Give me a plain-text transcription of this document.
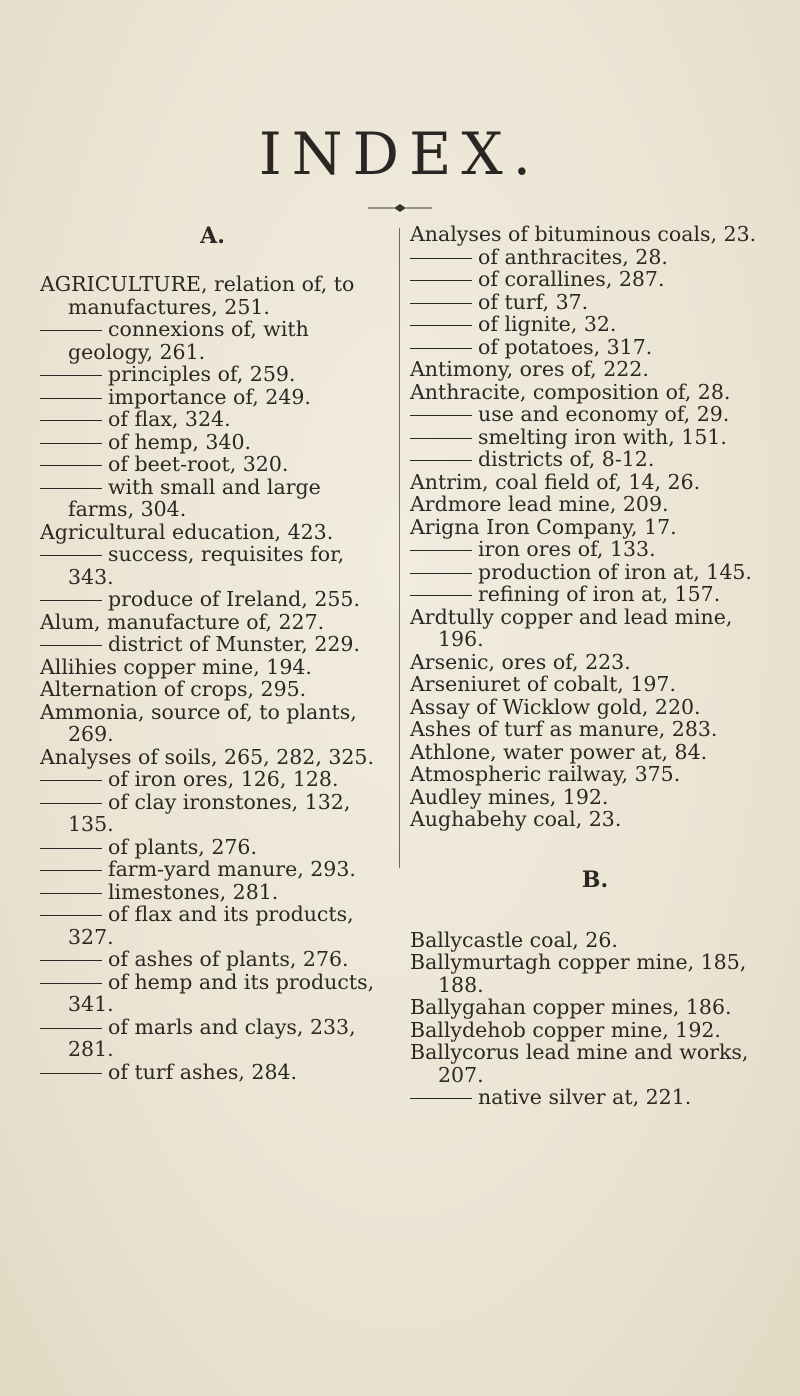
INDEX.
A.

AGRICULTURE, relation of, to manufactures, 251.

connexions of, with geology, 261.

principles of, 259.

importance of, 249.

of flax, 324.

of hemp, 340.

of beet-root, 320.

with small and large farms, 304.

Agricultural education, 423.

success, requisites for, 343.

produce of Ireland, 255.

Alum, manufacture of, 227.

district of Munster, 229.

Allihies copper mine, 194.

Alternation of crops, 295.

Ammonia, source of, to plants, 269.

Analyses of soils, 265, 282, 325.

of iron ores, 126, 128.

of clay ironstones, 132, 135.

of plants, 276.

farm-yard manure, 293.

limestones, 281.

of flax and its products, 327.

of ashes of plants, 276.

of hemp and its products, 341.

of marls and clays, 233, 281.

of turf ashes, 284.

Analyses of bituminous coals, 23.

of anthracites, 28.

of corallines, 287.

of turf, 37.

of lignite, 32.

of potatoes, 317.

Antimony, ores of, 222.

Anthracite, composition of, 28.

use and economy of, 29.

smelting iron with, 151.

districts of, 8-12.

Antrim, coal field of, 14, 26.

Ardmore lead mine, 209.

Arigna Iron Company, 17.

iron ores of, 133.

production of iron at, 145.

refining of iron at, 157.

Ardtully copper and lead mine, 196.

Arsenic, ores of, 223.

Arseniuret of cobalt, 197.

Assay of Wicklow gold, 220.

Ashes of turf as manure, 283.

Athlone, water power at, 84.

Atmospheric railway, 375.

Audley mines, 192.

Aughabehy coal, 23.

B.

Ballycastle coal, 26.

Ballymurtagh copper mine, 185, 188.

Ballygahan copper mines, 186.

Ballydehob copper mine, 192.

Ballycorus lead mine and works, 207.

native silver at, 221.
